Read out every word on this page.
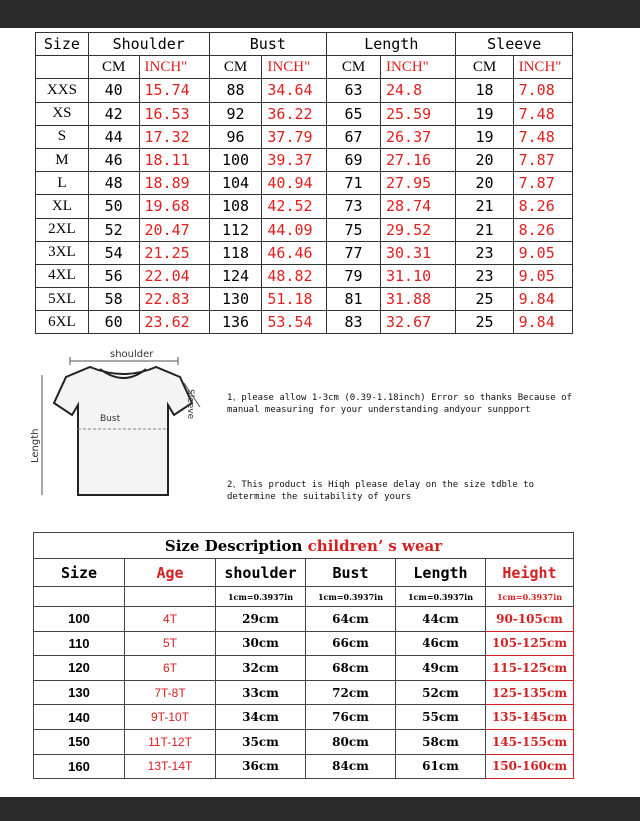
Size	Shoulder		Bust		Length		Sleeve	
	CM	INCH"	CM	INCH"	CM	INCH"	CM	INCH"
XXS	40	15.74	88	34.64	63	24.8	18	7.08
XS	42	16.53	92	36.22	65	25.59	19	7.48
S	44	17.32	96	37.79	67	26.37	19	7.48
M	46	18.11	100	39.37	69	27.16	20	7.87
L	48	18.89	104	40.94	71	27.95	20	7.87
XL	50	19.68	108	42.52	73	28.74	21	8.26
2XL	52	20.47	112	44.09	75	29.52	21	8.26
3XL	54	21.25	118	46.46	77	30.31	23	9.05
4XL	56	22.04	124	48.82	79	31.10	23	9.05
5XL	58	22.83	130	51.18	81	31.88	25	9.84
6XL	60	23.62	136	53.54	83	32.67	25	9.84
shoulder
Bust
Length
Sleeve	1、please allow 1-3cm (0.39-1.18inch) Error so thanks Because of manual measuring for your understanding andyour sunpport
2、This product is Hiqh please delay on the size tdble to determine the suitability of yours
Size Description children’ s wear					
Size	Age	shoulder	Bust	Length	Height
		1cm=0.3937in	1cm=0.3937in	1cm=0.3937in	1cm=0.3937in
100	4T	29cm	64cm	44cm	90-105cm
110	5T	30cm	66cm	46cm	105-125cm
120	6T	32cm	68cm	49cm	115-125cm
130	7T-8T	33cm	72cm	52cm	125-135cm
140	9T-10T	34cm	76cm	55cm	135-145cm
150	11T-12T	35cm	80cm	58cm	145-155cm
160	13T-14T	36cm	84cm	61cm	150-160cm
